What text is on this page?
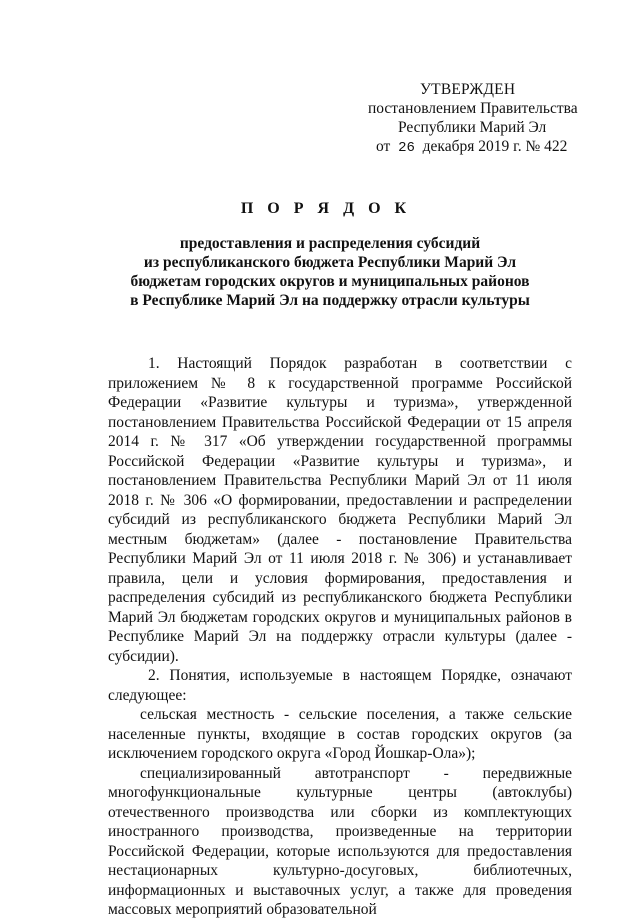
УТВЕРЖДЕН
постановлением Правительства
Республики Марий Эл
от 26 декабря 2019 г. № 422
П О Р Я Д О К
предоставления и распределения субсидий
из республиканского бюджета Республики Марий Эл
бюджетам городских округов и муниципальных районов
в Республике Марий Эл на поддержку отрасли культуры

1. Настоящий Порядок разработан в соответствии с приложением № 8 к государственной программе Российской Федерации «Развитие культуры и туризма», утвержденной постановлением Правительства Российской Федерации от 15 апреля 2014 г. № 317 «Об утверждении государственной программы Российской Федерации «Развитие культуры и туризма», и постановлением Правительства Республики Марий Эл от 11 июля 2018 г. № 306 «О формировании, предоставлении и распределении субсидий из республиканского бюджета Республики Марий Эл местным бюджетам» (далее - постановление Правительства Республики Марий Эл от 11 июля 2018 г. № 306) и устанавливает правила, цели и условия формирования, предоставления и распределения субсидий из республиканского бюджета Республики Марий Эл бюджетам городских округов и муниципальных районов в Республике Марий Эл на поддержку отрасли культуры (далее - субсидии).

2. Понятия, используемые в настоящем Порядке, означают следующее:

сельская местность - сельские поселения, а также сельские населенные пункты, входящие в состав городских округов (за исключением городского округа «Город Йошкар-Ола»);

специализированный автотранспорт - передвижные многофункциональные культурные центры (автоклубы) отечественного производства или сборки из комплектующих иностранного производства, произведенные на территории Российской Федерации, которые используются для предоставления нестационарных культурно-досуговых, библиотечных, информационных и выставочных услуг, а также для проведения массовых мероприятий образовательной
